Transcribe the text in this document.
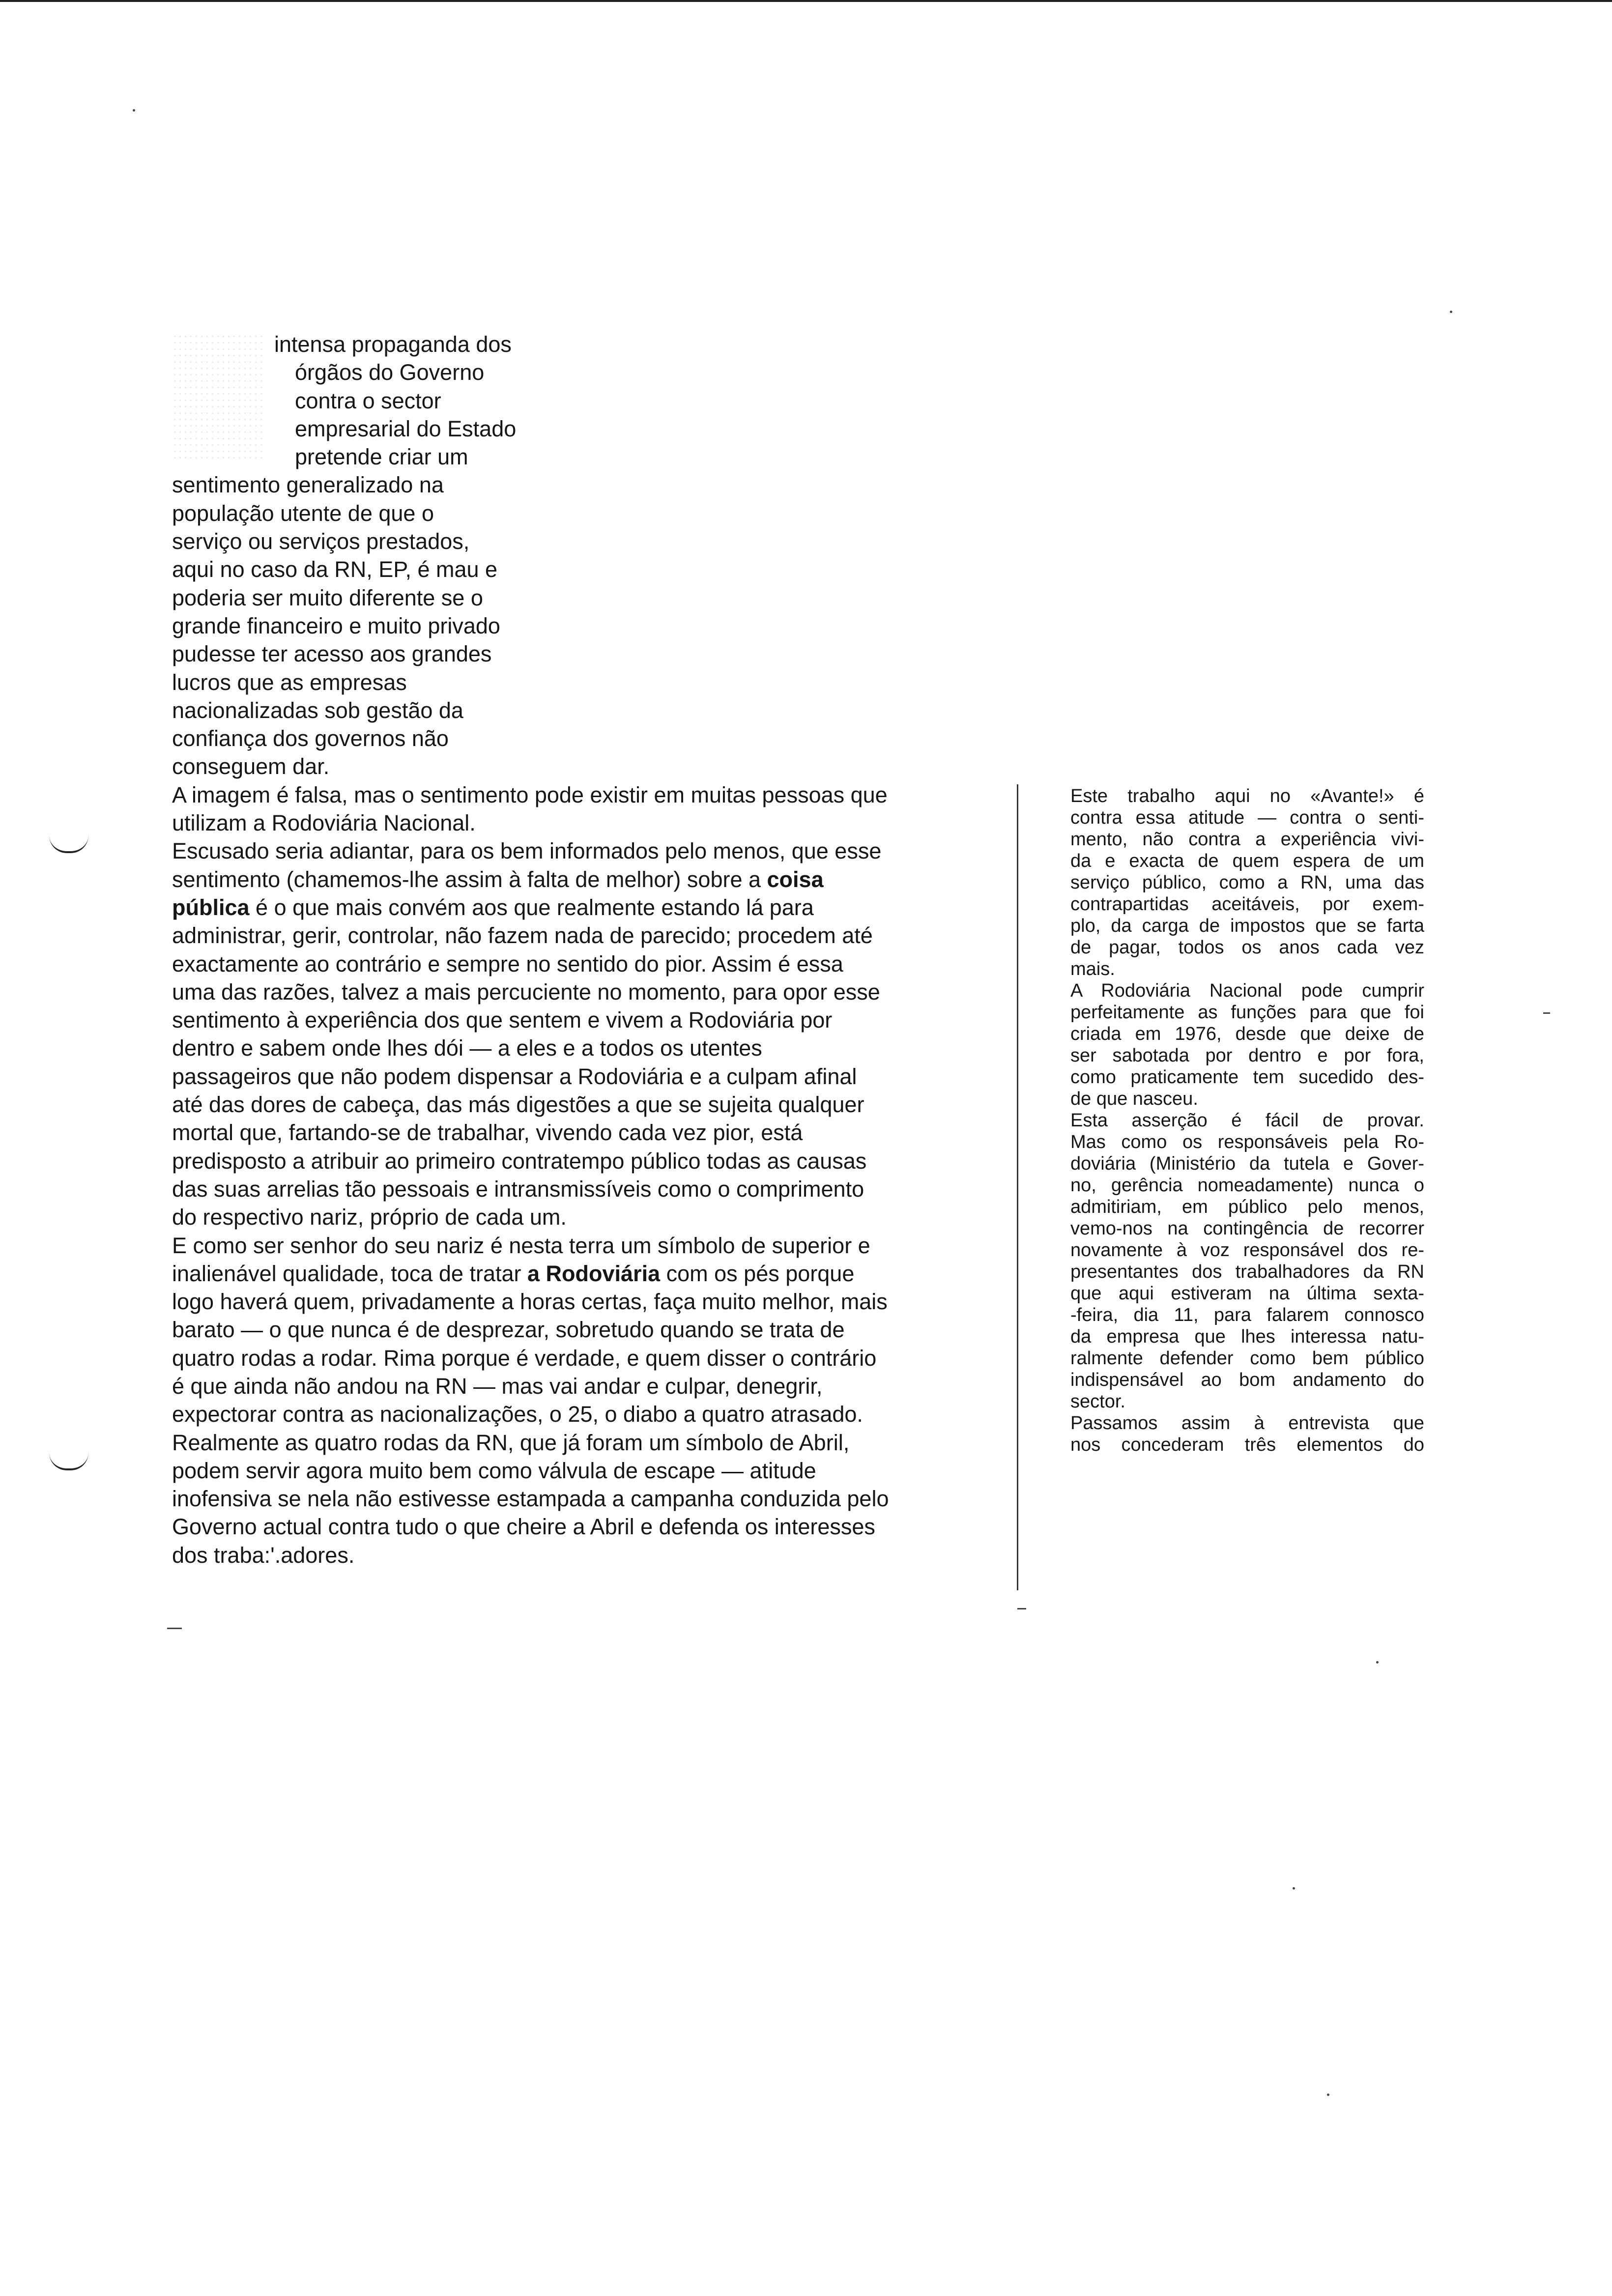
intensa propaganda dos
órgãos do Governo
contra o sector
empresarial do Estado
pretende criar um
sentimento generalizado na
população utente de que o
serviço ou serviços prestados,
aqui no caso da RN, EP, é mau e
poderia ser muito diferente se o
grande financeiro e muito privado
pudesse ter acesso aos grandes
lucros que as empresas
nacionalizadas sob gestão da
confiança dos governos não
conseguem dar.
A imagem é falsa, mas o sentimento pode existir em muitas pessoas que
utilizam a Rodoviária Nacional.
Escusado seria adiantar, para os bem informados pelo menos, que esse
sentimento (chamemos-lhe assim à falta de melhor) sobre a coisa
pública é o que mais convém aos que realmente estando lá para
administrar, gerir, controlar, não fazem nada de parecido; procedem até
exactamente ao contrário e sempre no sentido do pior. Assim é essa
uma das razões, talvez a mais percuciente no momento, para opor esse
sentimento à experiência dos que sentem e vivem a Rodoviária por
dentro e sabem onde lhes dói — a eles e a todos os utentes
passageiros que não podem dispensar a Rodoviária e a culpam afinal
até das dores de cabeça, das más digestões a que se sujeita qualquer
mortal que, fartando-se de trabalhar, vivendo cada vez pior, está
predisposto a atribuir ao primeiro contratempo público todas as causas
das suas arrelias tão pessoais e intransmissíveis como o comprimento
do respectivo nariz, próprio de cada um.
E como ser senhor do seu nariz é nesta terra um símbolo de superior e
inalienável qualidade, toca de tratar a Rodoviária com os pés porque
logo haverá quem, privadamente a horas certas, faça muito melhor, mais
barato — o que nunca é de desprezar, sobretudo quando se trata de
quatro rodas a rodar. Rima porque é verdade, e quem disser o contrário
é que ainda não andou na RN — mas vai andar e culpar, denegrir,
expectorar contra as nacionalizações, o 25, o diabo a quatro atrasado.
Realmente as quatro rodas da RN, que já foram um símbolo de Abril,
podem servir agora muito bem como válvula de escape — atitude
inofensiva se nela não estivesse estampada a campanha conduzida pelo
Governo actual contra tudo o que cheire a Abril e defenda os interesses
dos traba:'.adores.

Este trabalho aqui no «Avante!» é
contra essa atitude — contra o senti-
mento, não contra a experiência vivi-
da e exacta de quem espera de um
serviço público, como a RN, uma das
contrapartidas aceitáveis, por exem-
plo, da carga de impostos que se farta
de pagar, todos os anos cada vez
mais.

A Rodoviária Nacional pode cumprir
perfeitamente as funções para que foi
criada em 1976, desde que deixe de
ser sabotada por dentro e por fora,
como praticamente tem sucedido des-
de que nasceu.

Esta asserção é fácil de provar.
Mas como os responsáveis pela Ro-
doviária (Ministério da tutela e Gover-
no, gerência nomeadamente) nunca o
admitiriam, em público pelo menos,
vemo-nos na contingência de recorrer
novamente à voz responsável dos re-
presentantes dos trabalhadores da RN
que aqui estiveram na última sexta-
-feira, dia 11, para falarem connosco
da empresa que lhes interessa natu-
ralmente defender como bem público
indispensável ao bom andamento do
sector.

Passamos assim à entrevista que
nos concederam três elementos do
